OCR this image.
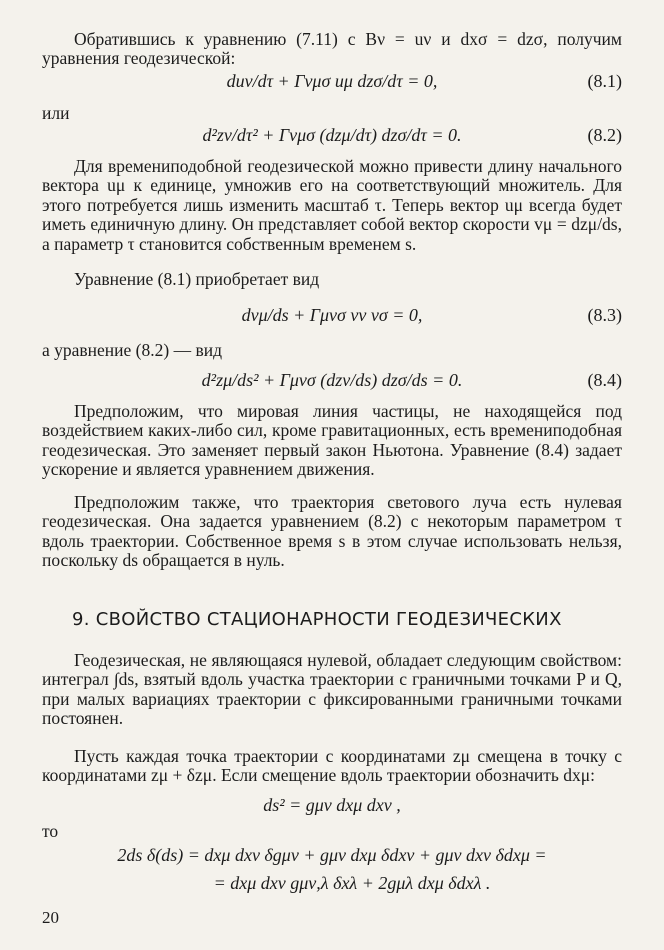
Обратившись к уравнению (7.11) с Bν = uν и dxσ = dzσ, получим уравнения геодезической:

duν/dτ + Γνμσ uμ dzσ/dτ = 0,	(8.1)
или
d²zν/dτ² + Γνμσ (dzμ/dτ) dzσ/dτ = 0.	(8.2)

Для времениподобной геодезической можно привести длину начального вектора uμ к единице, умножив его на соответствующий множитель. Для этого потребуется лишь изменить масштаб τ. Теперь вектор uμ всегда будет иметь единичную длину. Он представляет собой вектор скорости vμ = dzμ/ds, а параметр τ становится собственным временем s.

Уравнение (8.1) приобретает вид

dvμ/ds + Γμνσ vν vσ = 0,	(8.3)

а уравнение (8.2) — вид

d²zμ/ds² + Γμνσ (dzν/ds) dzσ/ds = 0.	(8.4)

Предположим, что мировая линия частицы, не находящейся под воздействием каких-либо сил, кроме гравитационных, есть времениподобная геодезическая. Это заменяет первый закон Ньютона. Уравнение (8.4) задает ускорение и является уравнением движения.

Предположим также, что траектория светового луча есть нулевая геодезическая. Она задается уравнением (8.2) с некоторым параметром τ вдоль траектории. Собственное время s в этом случае использовать нельзя, поскольку ds обращается в нуль.

9. СВОЙСТВО СТАЦИОНАРНОСТИ ГЕОДЕЗИЧЕСКИХ

Геодезическая, не являющаяся нулевой, обладает следующим свойством: интеграл ∫ds, взятый вдоль участка траектории с граничными точками P и Q, при малых вариациях траектории с фиксированными граничными точками постоянен.

Пусть каждая точка траектории с координатами zμ смещена в точку с координатами zμ + δzμ. Если смещение вдоль траектории обозначить dxμ:

ds² = gμν dxμ dxν ,
то
2ds δ(ds) = dxμ dxν δgμν + gμν dxμ δdxν + gμν dxν δdxμ =
= dxμ dxν gμν,λ δxλ + 2gμλ dxμ δdxλ .
20
